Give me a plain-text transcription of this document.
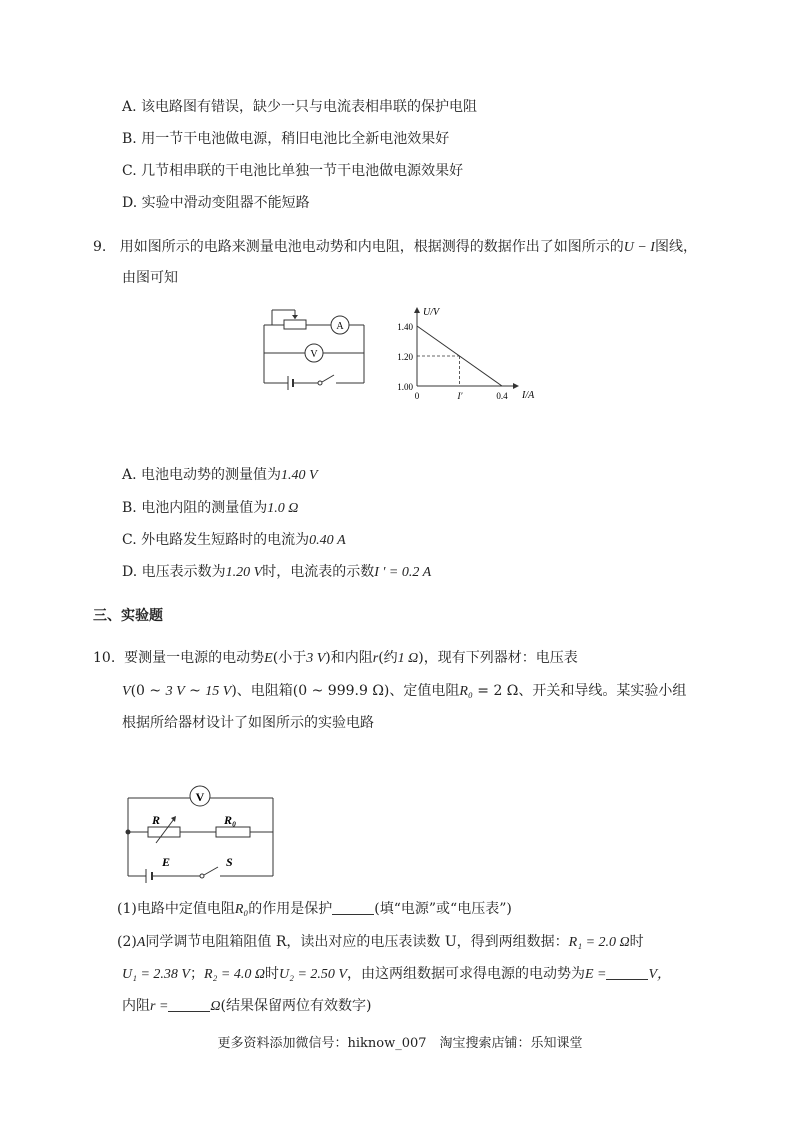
A. 该电路图有错误，缺少一只与电流表相串联的保护电阻
B. 用一节干电池做电源，稍旧电池比全新电池效果好
C. 几节相串联的干电池比单独一节干电池做电源效果好
D. 实验中滑动变阻器不能短路
9. 用如图所示的电路来测量电池电动势和内电阻，根据测得的数据作出了如图所示的U − I图线，
由图可知
A
V
U/V
I/A
1.40
1.20
1.00
0	I′	0.4
A. 电池电动势的测量值为1.40 V
B. 电池内阻的测量值为1.0 Ω
C. 外电路发生短路时的电流为0.40 A
D. 电压表示数为1.20 V时，电流表的示数I ′ = 0.2 A
三、实验题
10. 要测量一电源的电动势E(小于3 V)和内阻r(约1 Ω)，现有下列器材：电压表
V(0 ~ 3 V ~ 15 V)、电阻箱(0 ~ 999.9 Ω)、定值电阻R₀ = 2 Ω、开关和导线。某实验小组
根据所给器材设计了如图所示的实验电路
V
R	R₀
E	S
(1)电路中定值电阻R₀的作用是保护	(填“电源”或“电压表”)
(2)A同学调节电阻箱阻值 R，读出对应的电压表读数 U，得到两组数据：R₁ = 2.0 Ω时
U₁ = 2.38 V；R₂ = 4.0 Ω时U₂ = 2.50 V，由这两组数据可求得电源的电动势为E =	V，
内阻r =	Ω(结果保留两位有效数字)
更多资料添加微信号：hiknow_007　淘宝搜索店铺：乐知课堂
